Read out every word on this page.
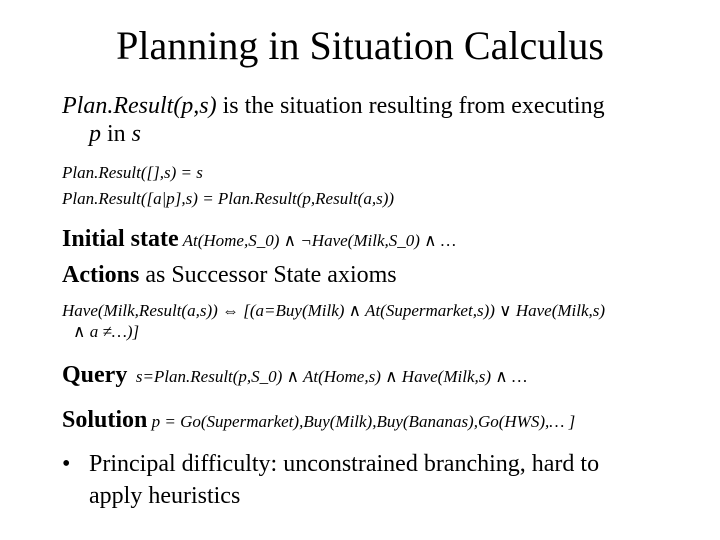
Planning in Situation Calculus
Plan.Result(p,s) is the situation resulting from executing
p in s
Plan.Result([],s) = s
Plan.Result([a|p],s) = Plan.Result(p,Result(a,s))
Initial state At(Home,S_0) ∧ ¬Have(Milk,S_0) ∧ …
Actions as Successor State axioms
Have(Milk,Result(a,s)) ⇔ [(a=Buy(Milk) ∧ At(Supermarket,s)) ∨ Have(Milk,s)
∧ a ≠…)]
Query  s=Plan.Result(p,S_0) ∧ At(Home,s) ∧ Have(Milk,s) ∧ …
Solution p = Go(Supermarket),Buy(Milk),Buy(Bananas),Go(HWS),… ]
• Principal difficulty: unconstrained branching, hard to
apply heuristics
